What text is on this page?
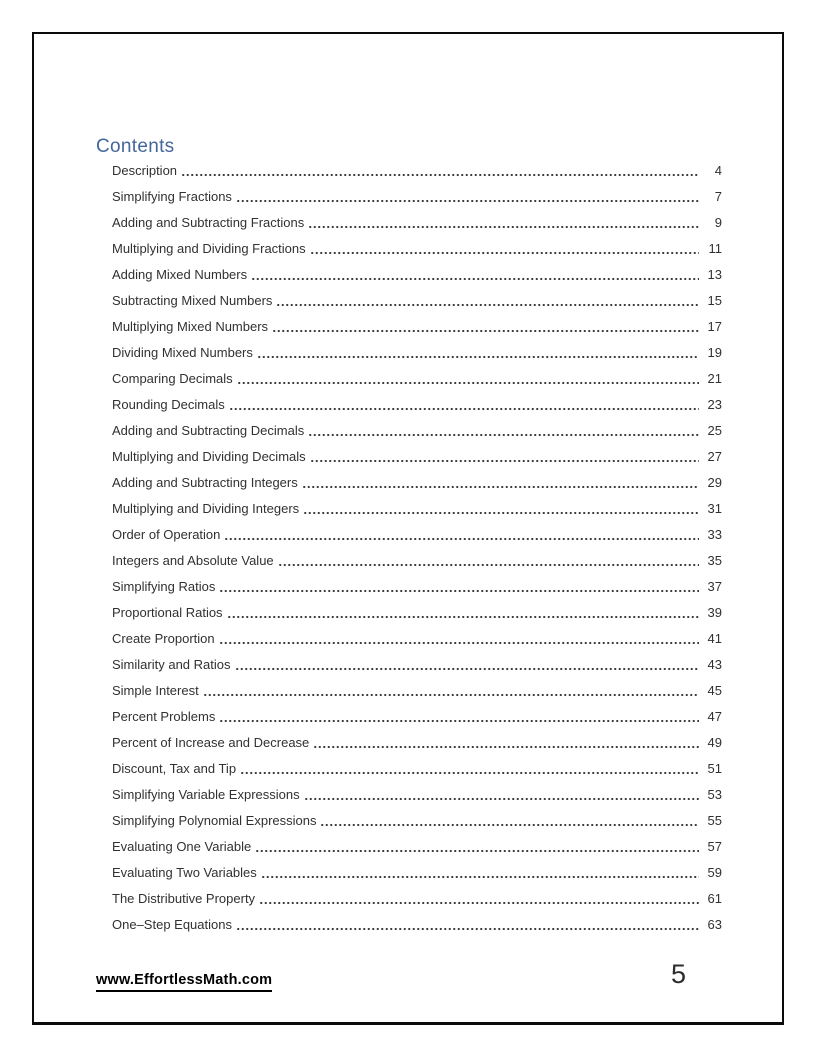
Contents
Description	4
Simplifying Fractions	7
Adding and Subtracting Fractions	9
Multiplying and Dividing Fractions	11
Adding Mixed Numbers	13
Subtracting Mixed Numbers	15
Multiplying Mixed Numbers	17
Dividing Mixed Numbers	19
Comparing Decimals	21
Rounding Decimals	23
Adding and Subtracting Decimals	25
Multiplying and Dividing Decimals	27
Adding and Subtracting Integers	29
Multiplying and Dividing Integers	31
Order of Operation	33
Integers and Absolute Value	35
Simplifying Ratios	37
Proportional Ratios	39
Create Proportion	41
Similarity and Ratios	43
Simple Interest	45
Percent Problems	47
Percent of Increase and Decrease	49
Discount, Tax and Tip	51
Simplifying Variable Expressions	53
Simplifying Polynomial Expressions	55
Evaluating One Variable	57
Evaluating Two Variables	59
The Distributive Property	61
One–Step Equations	63
www.EffortlessMath.com	5
